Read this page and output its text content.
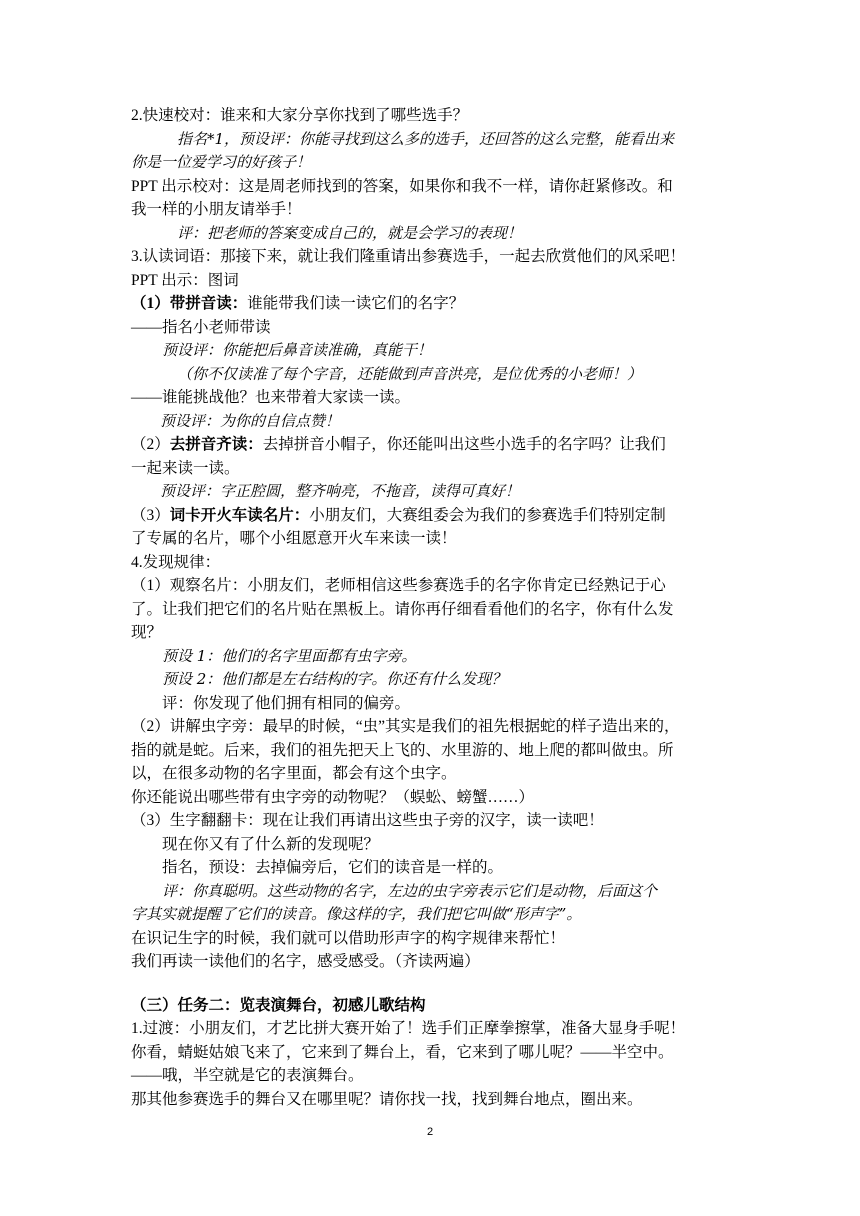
2.快速校对：谁来和大家分享你找到了哪些选手？
指名*1，预设评：你能寻找到这么多的选手，还回答的这么完整，能看出来
你是一位爱学习的好孩子！
PPT 出示校对：这是周老师找到的答案，如果你和我不一样，请你赶紧修改。和
我一样的小朋友请举手！
评：把老师的答案变成自己的，就是会学习的表现！
3.认读词语：那接下来，就让我们隆重请出参赛选手，一起去欣赏他们的风采吧！
PPT 出示：图词
（1）带拼音读：谁能带我们读一读它们的名字？
——指名小老师带读
预设评：你能把后鼻音读准确，真能干！
（你不仅读准了每个字音，还能做到声音洪亮，是位优秀的小老师！）
——谁能挑战他？也来带着大家读一读。
预设评：为你的自信点赞！
（2）去拼音齐读：去掉拼音小帽子，你还能叫出这些小选手的名字吗？让我们
一起来读一读。
预设评：字正腔圆，整齐响亮，不拖音，读得可真好！
（3）词卡开火车读名片：小朋友们，大赛组委会为我们的参赛选手们特别定制
了专属的名片，哪个小组愿意开火车来读一读！
4.发现规律：
（1）观察名片：小朋友们，老师相信这些参赛选手的名字你肯定已经熟记于心
了。让我们把它们的名片贴在黑板上。请你再仔细看看他们的名字，你有什么发
现？
预设 1：他们的名字里面都有虫字旁。
预设 2：他们都是左右结构的字。你还有什么发现？
评：你发现了他们拥有相同的偏旁。
（2）讲解虫字旁：最早的时候，“虫”其实是我们的祖先根据蛇的样子造出来的，
指的就是蛇。后来，我们的祖先把天上飞的、水里游的、地上爬的都叫做虫。所
以，在很多动物的名字里面，都会有这个虫字。
你还能说出哪些带有虫字旁的动物呢？（蜈蚣、螃蟹……）
（3）生字翻翻卡：现在让我们再请出这些虫子旁的汉字，读一读吧！
现在你又有了什么新的发现呢？
指名，预设：去掉偏旁后，它们的读音是一样的。
评：你真聪明。这些动物的名字，左边的虫字旁表示它们是动物，后面这个
字其实就提醒了它们的读音。像这样的字，我们把它叫做“形声字”。
在识记生字的时候，我们就可以借助形声字的构字规律来帮忙！
我们再读一读他们的名字，感受感受。（齐读两遍）
（三）任务二：览表演舞台，初感儿歌结构
1.过渡：小朋友们，才艺比拼大赛开始了！选手们正摩拳擦掌，准备大显身手呢！
你看，蜻蜓姑娘飞来了，它来到了舞台上，看，它来到了哪儿呢？——半空中。
——哦，半空就是它的表演舞台。
那其他参赛选手的舞台又在哪里呢？请你找一找，找到舞台地点，圈出来。
2
